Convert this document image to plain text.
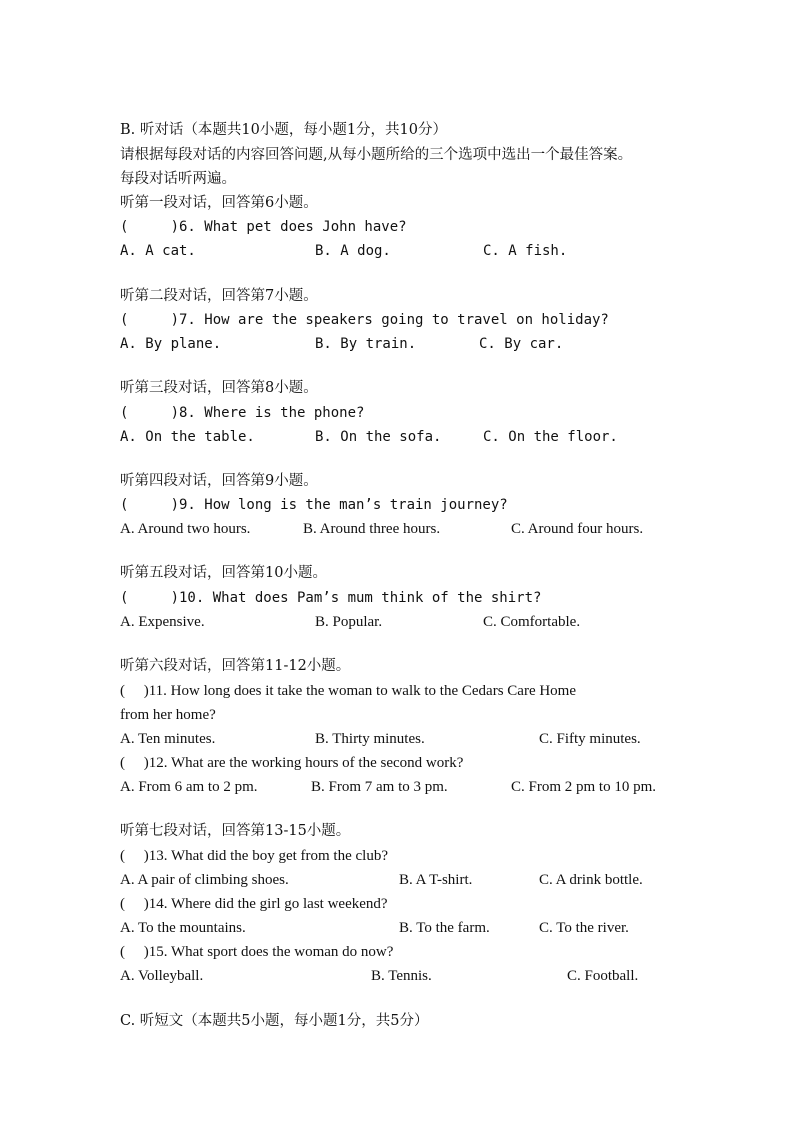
B. 听对话（本题共10小题，每小题1分，共10分）
请根据每段对话的内容回答问题,从每小题所给的三个选项中选出一个最佳答案。
每段对话听两遍。
听第一段对话，回答第6小题。
(     )6. What pet does John have?
A. A cat.	B. A dog.	C. A fish.
听第二段对话，回答第7小题。
(     )7. How are the speakers going to travel on holiday?
A. By plane.	B. By train.	C. By car.
听第三段对话，回答第8小题。
(     )8. Where is the phone?
A. On the table.	B. On the sofa.	C. On the floor.
听第四段对话，回答第9小题。
(     )9. How long is the man’s train journey?
A. Around two hours.	B. Around three hours.	C. Around four hours.
听第五段对话，回答第10小题。
(     )10. What does Pam’s mum think of the shirt?
A. Expensive.	B. Popular.	C. Comfortable.
听第六段对话，回答第11-12小题。
(     )11. How long does it take the woman to walk to the Cedars Care Home
from her home?
A. Ten minutes.	B. Thirty minutes.	C. Fifty minutes.
(     )12. What are the working hours of the second work?
A. From 6 am to 2 pm.	B. From 7 am to 3 pm.	C. From 2 pm to 10 pm.
听第七段对话，回答第13-15小题。
(     )13. What did the boy get from the club?
A. A pair of climbing shoes.	B. A T-shirt.	C. A drink bottle.
(     )14. Where did the girl go last weekend?
A. To the mountains.	B. To the farm.	C. To the river.
(     )15. What sport does the woman do now?
A. Volleyball.	B. Tennis.	C. Football.
C. 听短文（本题共5小题，每小题1分，共5分）
